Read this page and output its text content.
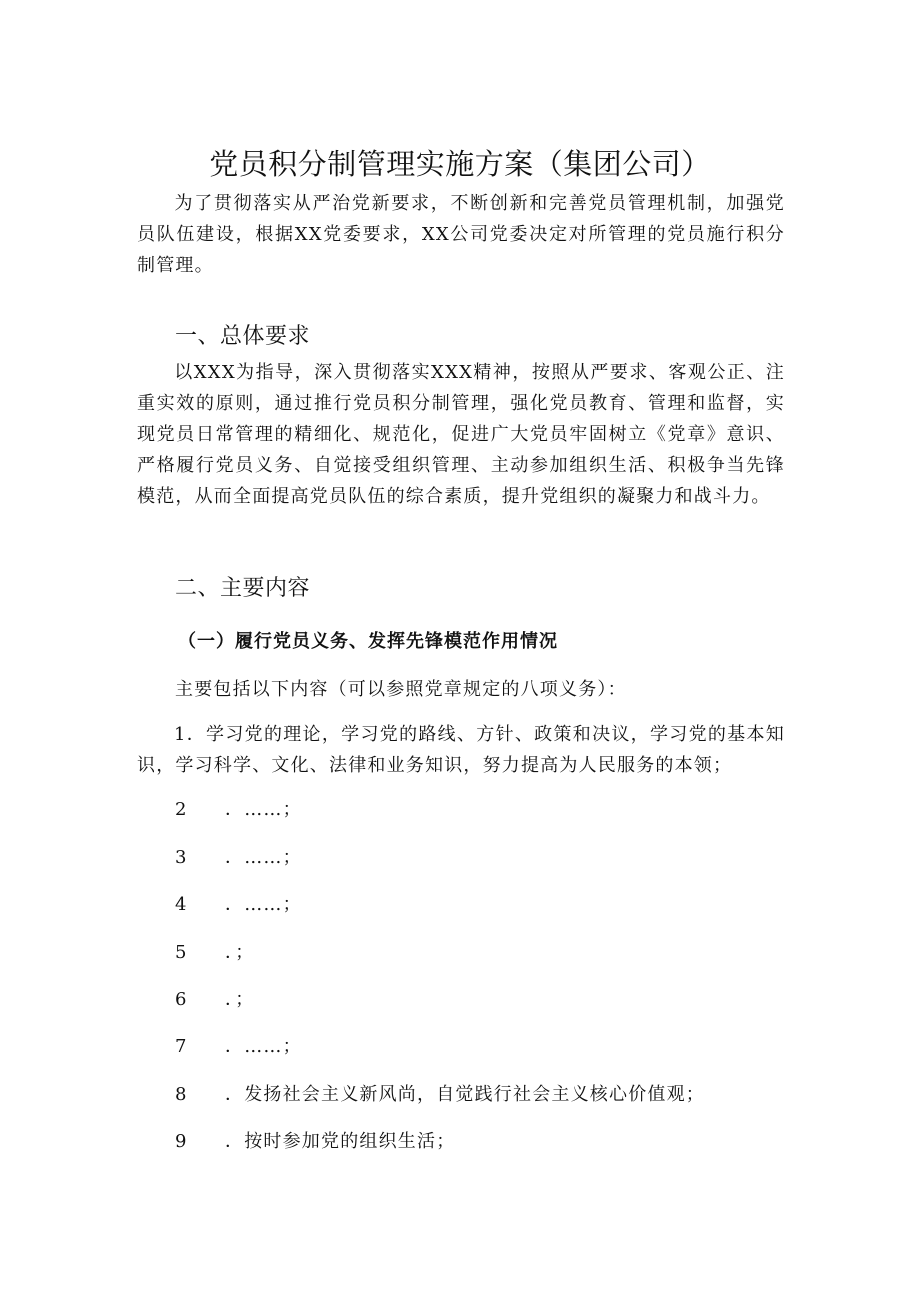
党员积分制管理实施方案（集团公司）

为了贯彻落实从严治党新要求，不断创新和完善党员管理机制，加强党员队伍建设，根据XX党委要求，XX公司党委决定对所管理的党员施行积分制管理。

一、总体要求

以XXX为指导，深入贯彻落实XXX精神，按照从严要求、客观公正、注重实效的原则，通过推行党员积分制管理，强化党员教育、管理和监督，实现党员日常管理的精细化、规范化，促进广大党员牢固树立《党章》意识、严格履行党员义务、自觉接受组织管理、主动参加组织生活、积极争当先锋模范，从而全面提高党员队伍的综合素质，提升党组织的凝聚力和战斗力。

二、主要内容
（一）履行党员义务、发挥先锋模范作用情况
主要包括以下内容（可以参照党章规定的八项义务）：

1．学习党的理论，学习党的路线、方针、政策和决议，学习党的基本知识，学习科学、文化、法律和业务知识，努力提高为人民服务的本领；

2 ．……；
3 ．……；
4 ．……；
5 ．；
6 ．；
7 ．……；
8 ．发扬社会主义新风尚，自觉践行社会主义核心价值观；
9 ．按时参加党的组织生活；
